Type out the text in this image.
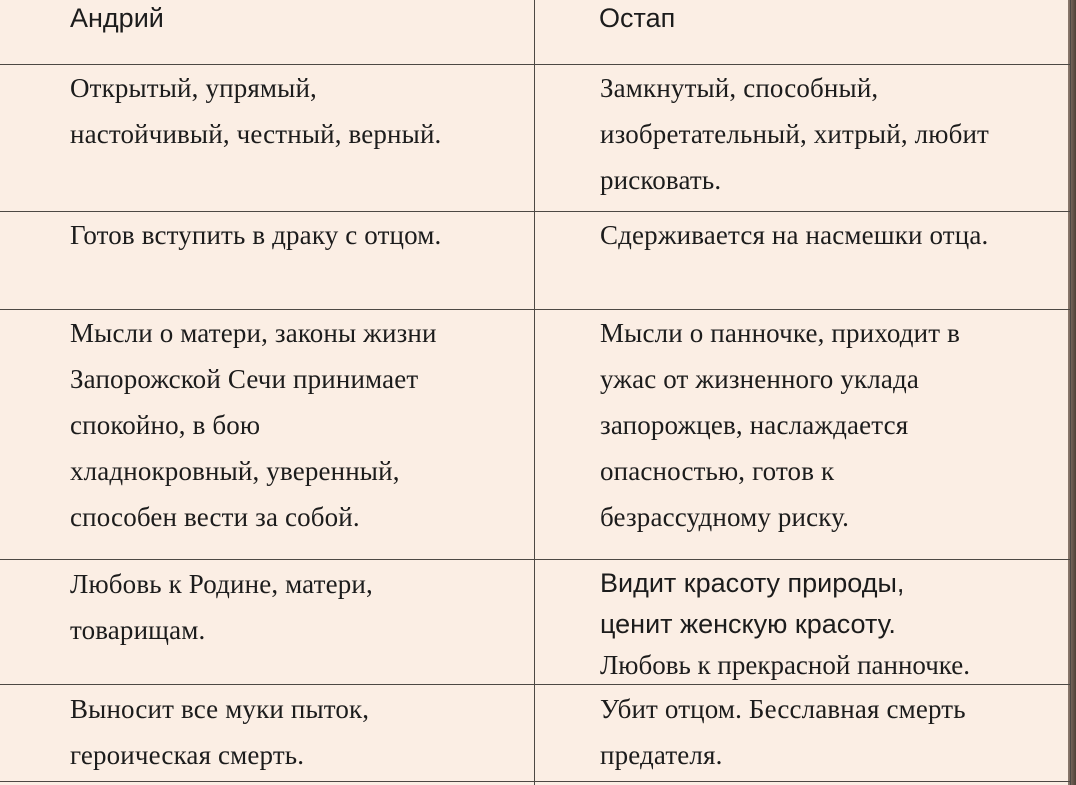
Андрий	Остап
Открытый, упрямый,
настойчивый, честный, верный.
Замкнутый, способный,
изобретательный, хитрый, любит
рисковать.
Готов вступить в драку с отцом.	Сдерживается на насмешки отца.
Мысли о матери, законы жизни
Запорожской Сечи принимает
спокойно, в бою
хладнокровный, уверенный,
способен вести за собой.
Мысли о панночке, приходит в
ужас от жизненного уклада
запорожцев, наслаждается
опасностью, готов к
безрассудному риску.
Любовь к Родине, матери,
товарищам.
Видит красоту природы,
ценит женскую красоту.
Любовь к прекрасной панночке.
Выносит все муки пыток,
героическая смерть.
Убит отцом. Бесславная смерть
предателя.
